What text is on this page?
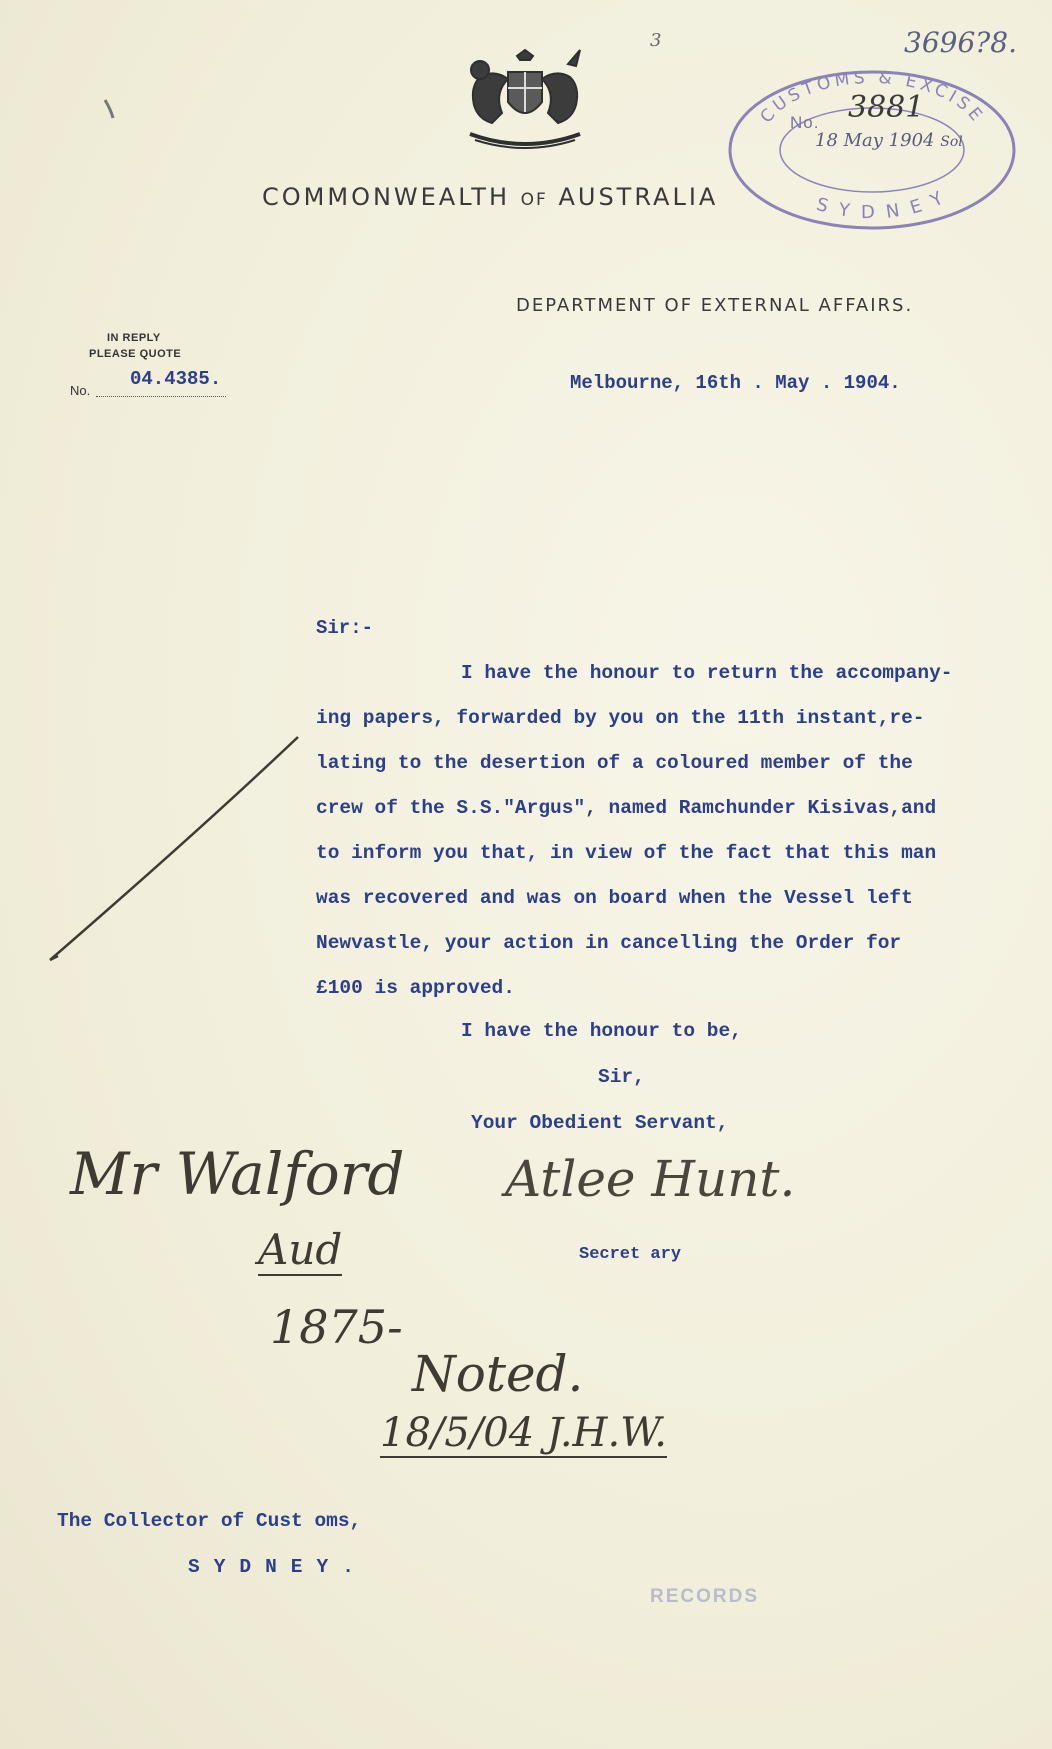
COMMONWEALTH OF AUSTRALIA
3	3696?8.
CUSTOMS & EXCISE
SYDNEY
No. 3881
18 May 1904 Sol
DEPARTMENT OF EXTERNAL AFFAIRS.
IN REPLY
PLEASE QUOTE
No.
04.4385.	Melbourne, 16th . May . 1904.
Sir:-
I have the honour to return the accompany-
ing papers, forwarded by you on the 11th instant,re-
lating to the desertion of a coloured member of the
crew of the S.S."Argus", named Ramchunder Kisivas,and
to inform you that, in view of the fact that this man
was recovered and was on board when the Vessel left
Newvastle, your action in cancelling the Order for
£100 is approved.
I have the honour to be,
Sir,
Your Obedient Servant,
Atlee Hunt.
Secret ary
Mr Walford
Aud
1875-
Noted.
18/5/04 J.H.W.
The Collector of Cust oms,
SYDNEY.
RECORDS
